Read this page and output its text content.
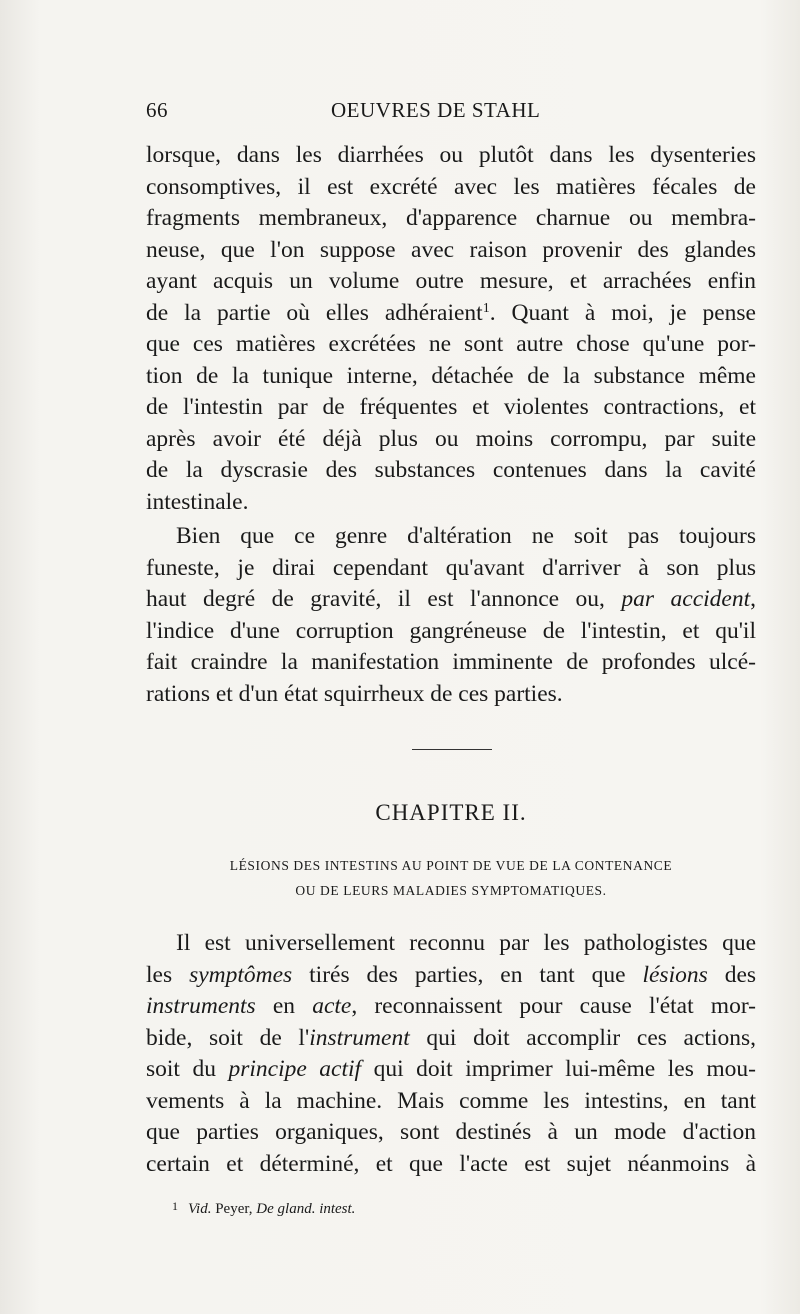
66	OEUVRES DE STAHL
lorsque, dans les diarrhées ou plutôt dans les dysenteries
consomptives, il est excrété avec les matières fécales de
fragments membraneux, d'apparence charnue ou membra-
neuse, que l'on suppose avec raison provenir des glandes
ayant acquis un volume outre mesure, et arrachées enfin
de la partie où elles adhéraient$^1$. Quant à moi, je pense
que ces matières excrétées ne sont autre chose qu'une por-
tion de la tunique interne, détachée de la substance même
de l'intestin par de fréquentes et violentes contractions, et
après avoir été déjà plus ou moins corrompu, par suite
de la dyscrasie des substances contenues dans la cavité
intestinale.
Bien que ce genre d'altération ne soit pas toujours
funeste, je dirai cependant qu'avant d'arriver à son plus
haut degré de gravité, il est l'annonce ou, par accident,
l'indice d'une corruption gangréneuse de l'intestin, et qu'il
fait craindre la manifestation imminente de profondes ulcé-
rations et d'un état squirrheux de ces parties.
CHAPITRE II.
LÉSIONS DES INTESTINS AU POINT DE VUE DE LA CONTENANCE
OU DE LEURS MALADIES SYMPTOMATIQUES.
Il est universellement reconnu par les pathologistes que
les symptômes tirés des parties, en tant que lésions des
instruments en acte, reconnaissent pour cause l'état mor-
bide, soit de l'instrument qui doit accomplir ces actions,
soit du principe actif qui doit imprimer lui-même les mou-
vements à la machine. Mais comme les intestins, en tant
que parties organiques, sont destinés à un mode d'action
certain et déterminé, et que l'acte est sujet néanmoins à
$^1$ Vid. Peyer, De gland. intest.
